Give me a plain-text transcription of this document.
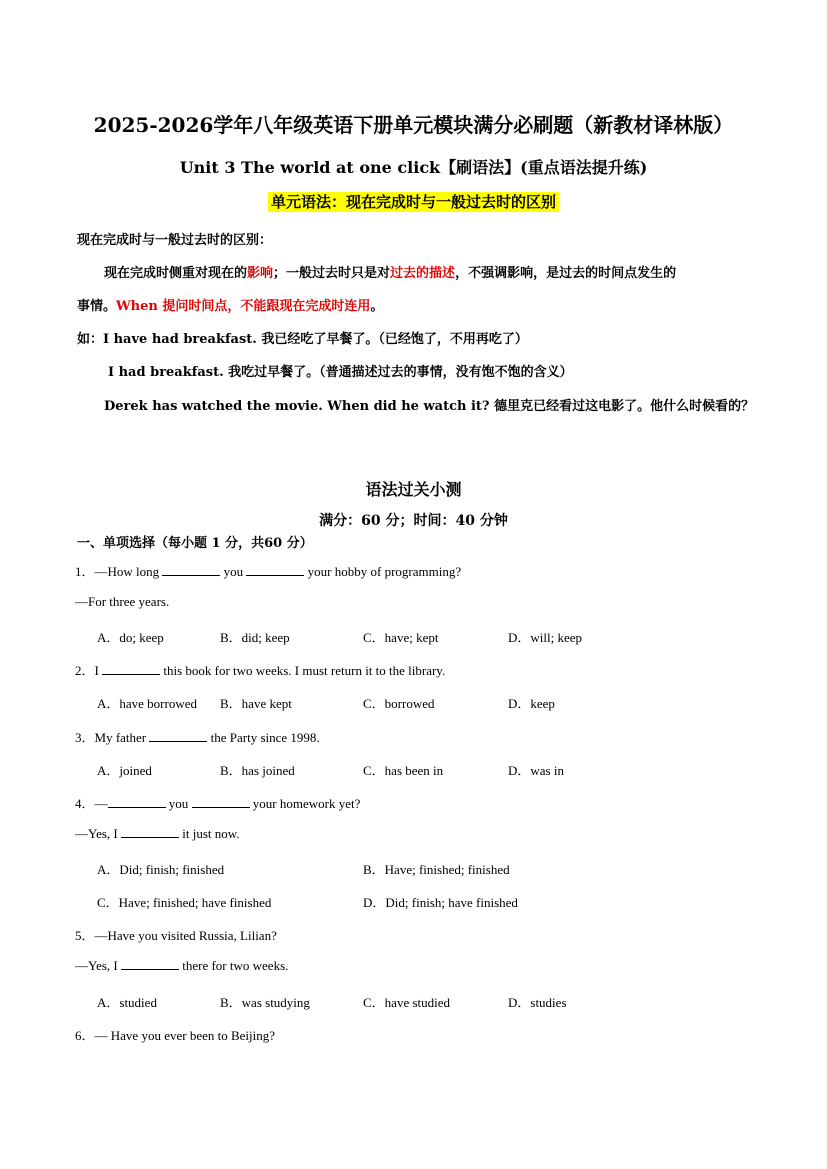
2025-2026学年八年级英语下册单元模块满分必刷题（新教材译林版）
Unit 3 The world at one click【刷语法】(重点语法提升练)
单元语法：现在完成时与一般过去时的区别
现在完成时与一般过去时的区别：
现在完成时侧重对现在的影响；一般过去时只是对过去的描述，不强调影响，是过去的时间点发生的
事情。When 提问时间点，不能跟现在完成时连用。
如：I have had breakfast. 我已经吃了早餐了。（已经饱了，不用再吃了）
I had breakfast. 我吃过早餐了。（普通描述过去的事情，没有饱不饱的含义）
Derek has watched the movie. When did he watch it? 德里克已经看过这电影了。他什么时候看的？
语法过关小测
满分：60 分；时间：40 分钟
一、单项选择（每小题 1 分，共60 分）
1．—How long	you	your hobby of programming?
—For three years.
A．do; keep	B．did; keep	C．have; kept	D．will; keep
2．I	this book for two weeks. I must return it to the library.
A．have borrowed B．have kept	C．borrowed	D．keep
3．My father	the Party since 1998.
A．joined	B．has joined	C．has been in	D．was in
4．—	you	your homework yet?
—Yes, I	it just now.
A．Did; finish; finished	B．Have; finished; finished
C．Have; finished; have finished	D．Did; finish; have finished
5．—Have you visited Russia, Lilian?
—Yes, I	there for two weeks.
A．studied	B．was studying	C．have studied	D．studies
6．— Have you ever been to Beijing?
